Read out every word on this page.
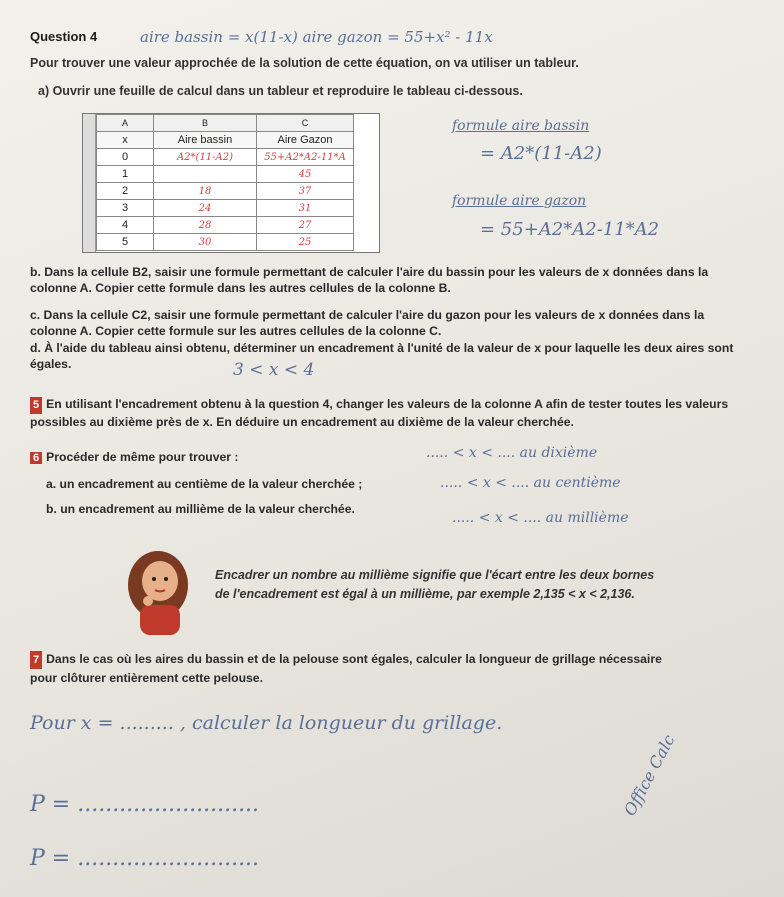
Question 4	aire bassin = x(11-x) aire gazon = 55+x² - 11x
Pour trouver une valeur approchée de la solution de cette équation, on va utiliser un tableur.
a) Ouvrir une feuille de calcul dans un tableur et reproduire le tableau ci-dessous.
A	B	C
x	Aire bassin	Aire Gazon
0	A2*(11-A2)	55+A2*A2-11*A
1		45
2	18	37
3	24	31
4	28	27
5	30	25
formule aire bassin
= A2*(11-A2)
formule aire gazon
= 55+A2*A2-11*A2
b. Dans la cellule B2, saisir une formule permettant de calculer l'aire du bassin pour les valeurs de x données dans la colonne A. Copier cette formule dans les autres cellules de la colonne B.
c. Dans la cellule C2, saisir une formule permettant de calculer l'aire du gazon pour les valeurs de x données dans la colonne A. Copier cette formule sur les autres cellules de la colonne C.
d. À l'aide du tableau ainsi obtenu, déterminer un encadrement à l'unité de la valeur de x pour laquelle les deux aires sont égales.	3 < x < 4
5 En utilisant l'encadrement obtenu à la question 4, changer les valeurs de la colonne A afin de tester toutes les valeurs possibles au dixième près de x. En déduire un encadrement au dixième de la valeur cherchée.
6 Procéder de même pour trouver :	..... < x < .... au dixième
a. un encadrement au centième de la valeur cherchée ;	..... < x < .... au centième
b. un encadrement au millième de la valeur cherchée.
..... < x < .... au millième
Encadrer un nombre au millième signifie que l'écart entre les deux bornes
de l'encadrement est égal à un millième, par exemple 2,135 < x < 2,136.
7 Dans le cas où les aires du bassin et de la pelouse sont égales, calculer la longueur de grillage nécessaire
pour clôturer entièrement cette pelouse.
Pour x = ......... , calculer la longueur du grillage.
P = ..........................
P = ..........................
Office Calc
